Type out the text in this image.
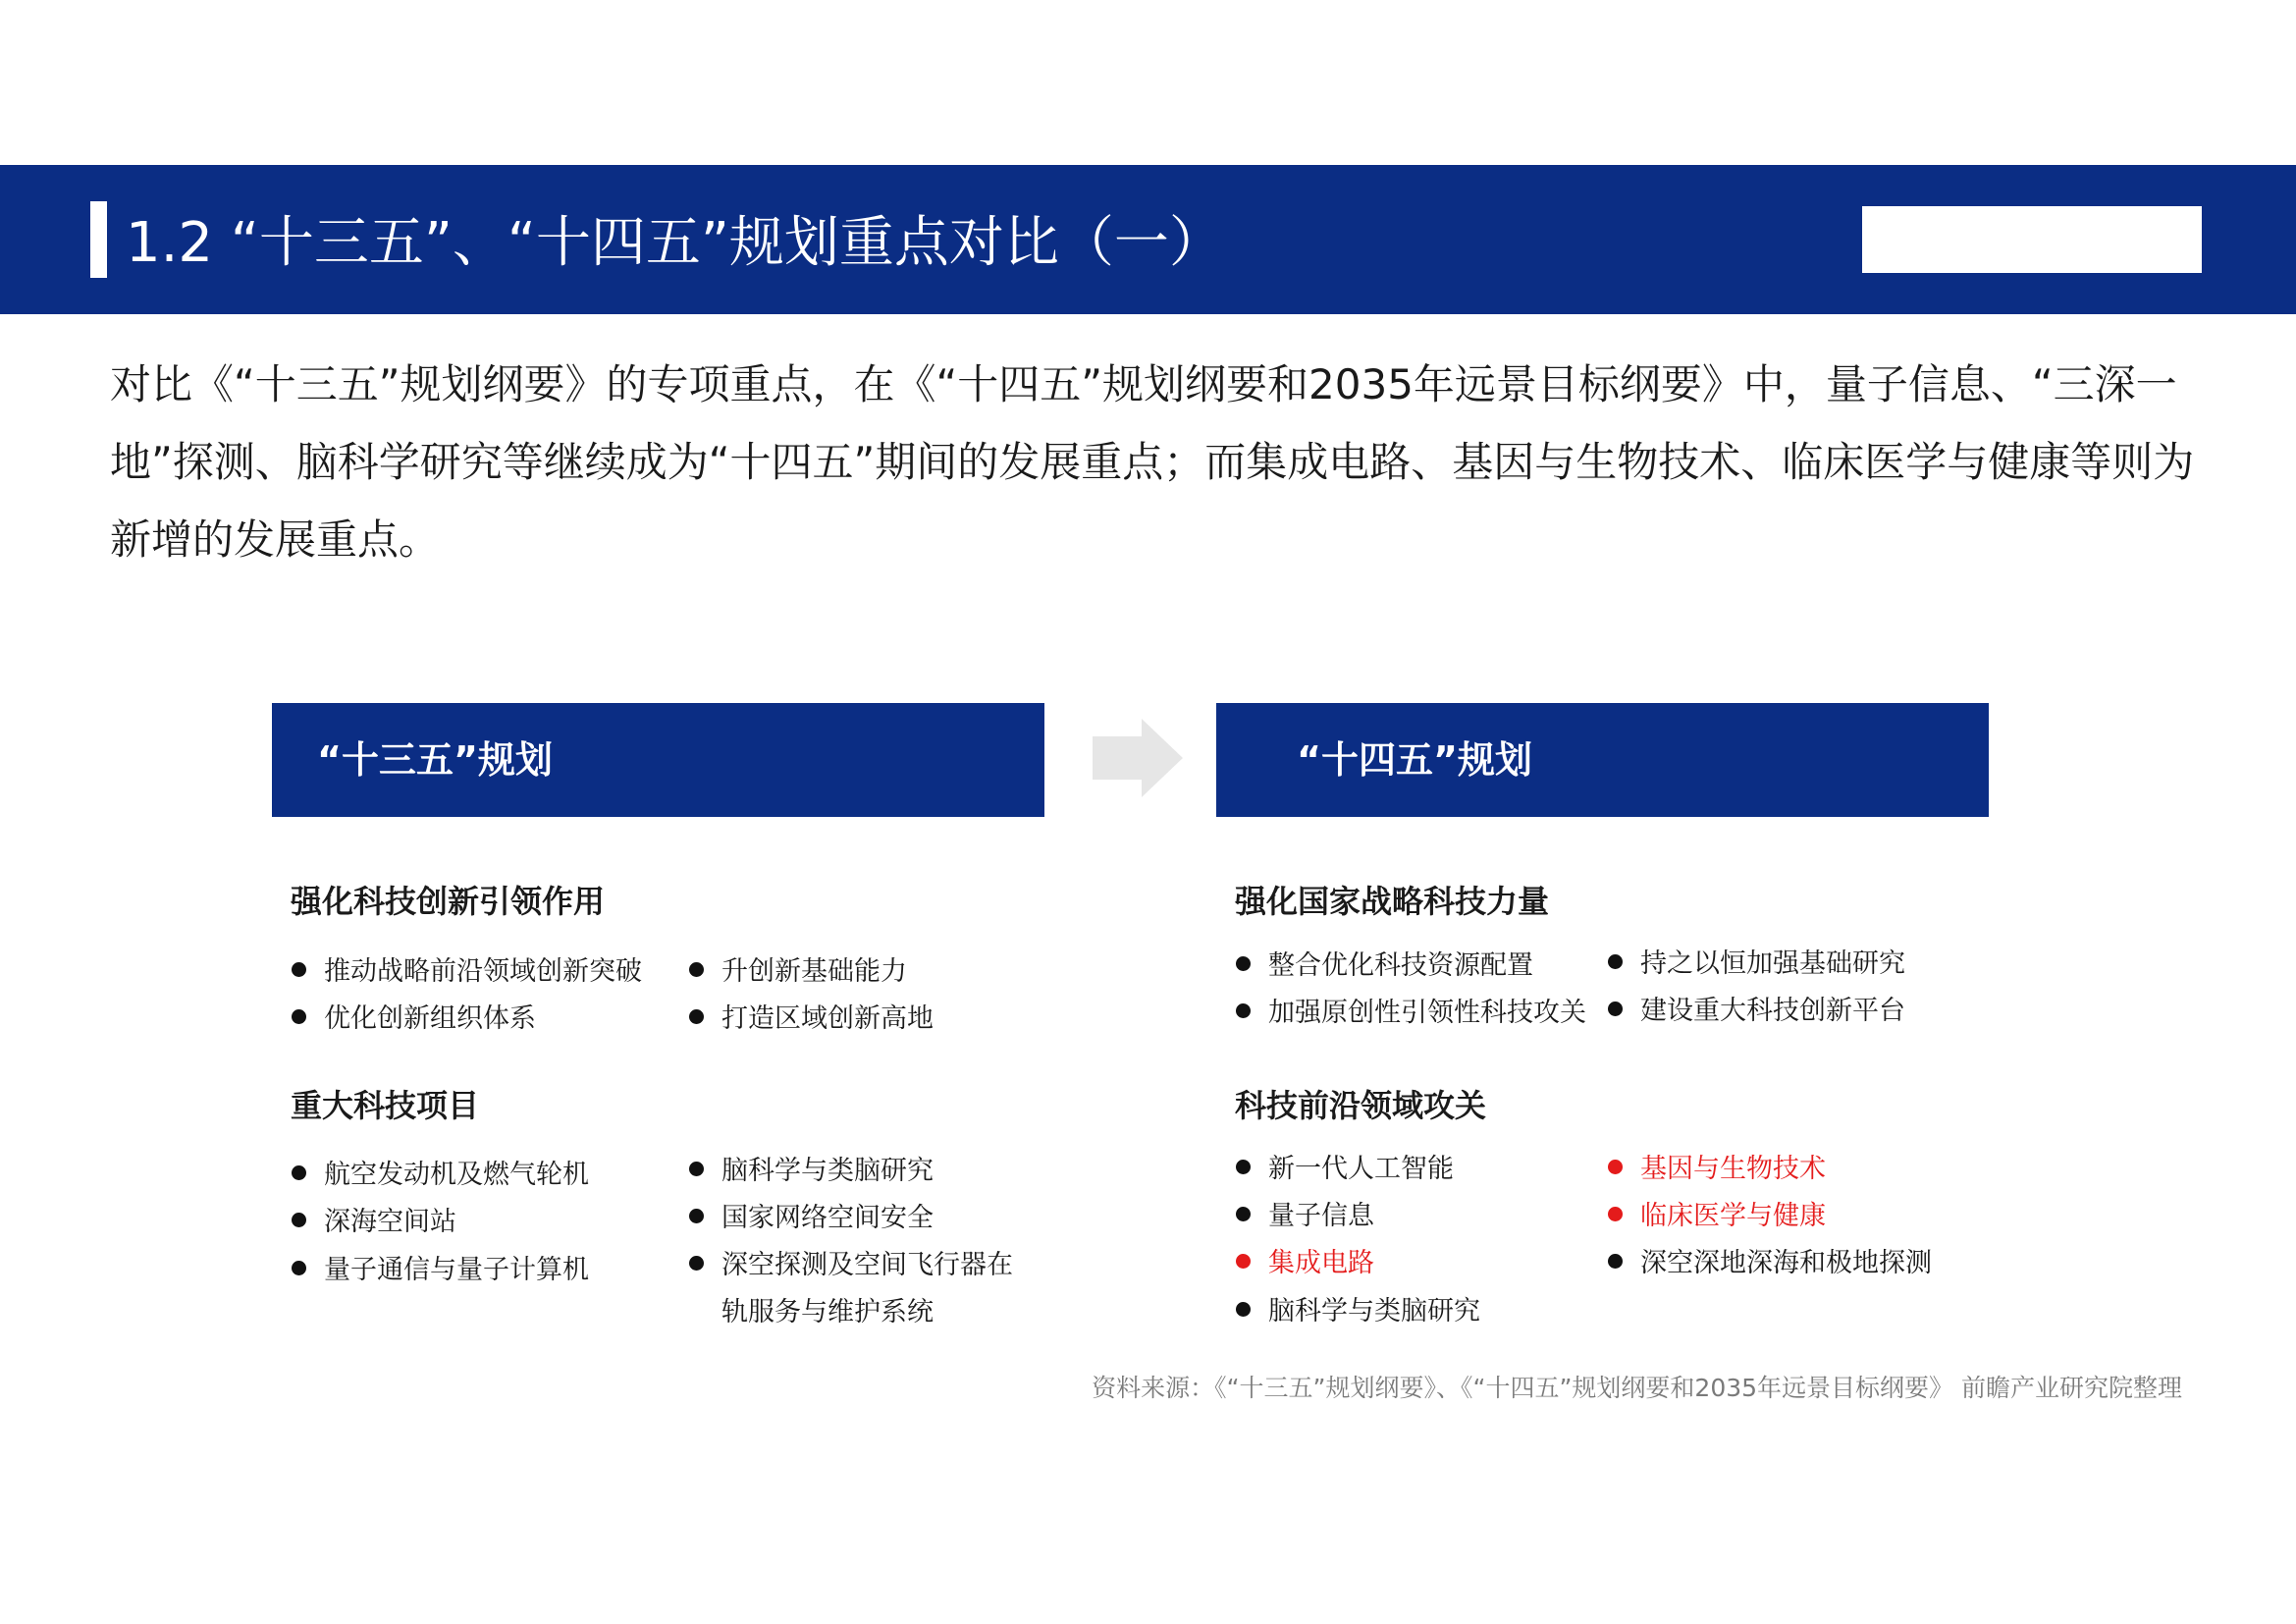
1.2 “十三五”、“十四五”规划重点对比（一）
对比《“十三五”规划纲要》的专项重点，在《“十四五”规划纲要和2035年远景目标纲要》中，量子信息、“三深一地”探测、脑科学研究等继续成为“十四五”期间的发展重点；而集成电路、基因与生物技术、临床医学与健康等则为新增的发展重点。
“十三五”规划	“十四五”规划
强化科技创新引领作用
推动战略前沿领域创新突破
优化创新组织体系
升创新基础能力
打造区域创新高地
重大科技项目
航空发动机及燃气轮机
深海空间站
量子通信与量子计算机
脑科学与类脑研究
国家网络空间安全
深空探测及空间飞行器在
轨服务与维护系统
强化国家战略科技力量
整合优化科技资源配置
加强原创性引领性科技攻关
持之以恒加强基础研究
建设重大科技创新平台
科技前沿领域攻关
新一代人工智能
量子信息
集成电路
脑科学与类脑研究
基因与生物技术
临床医学与健康
深空深地深海和极地探测
资料来源：《“十三五”规划纲要》、《“十四五”规划纲要和2035年远景目标纲要》 前瞻产业研究院整理
